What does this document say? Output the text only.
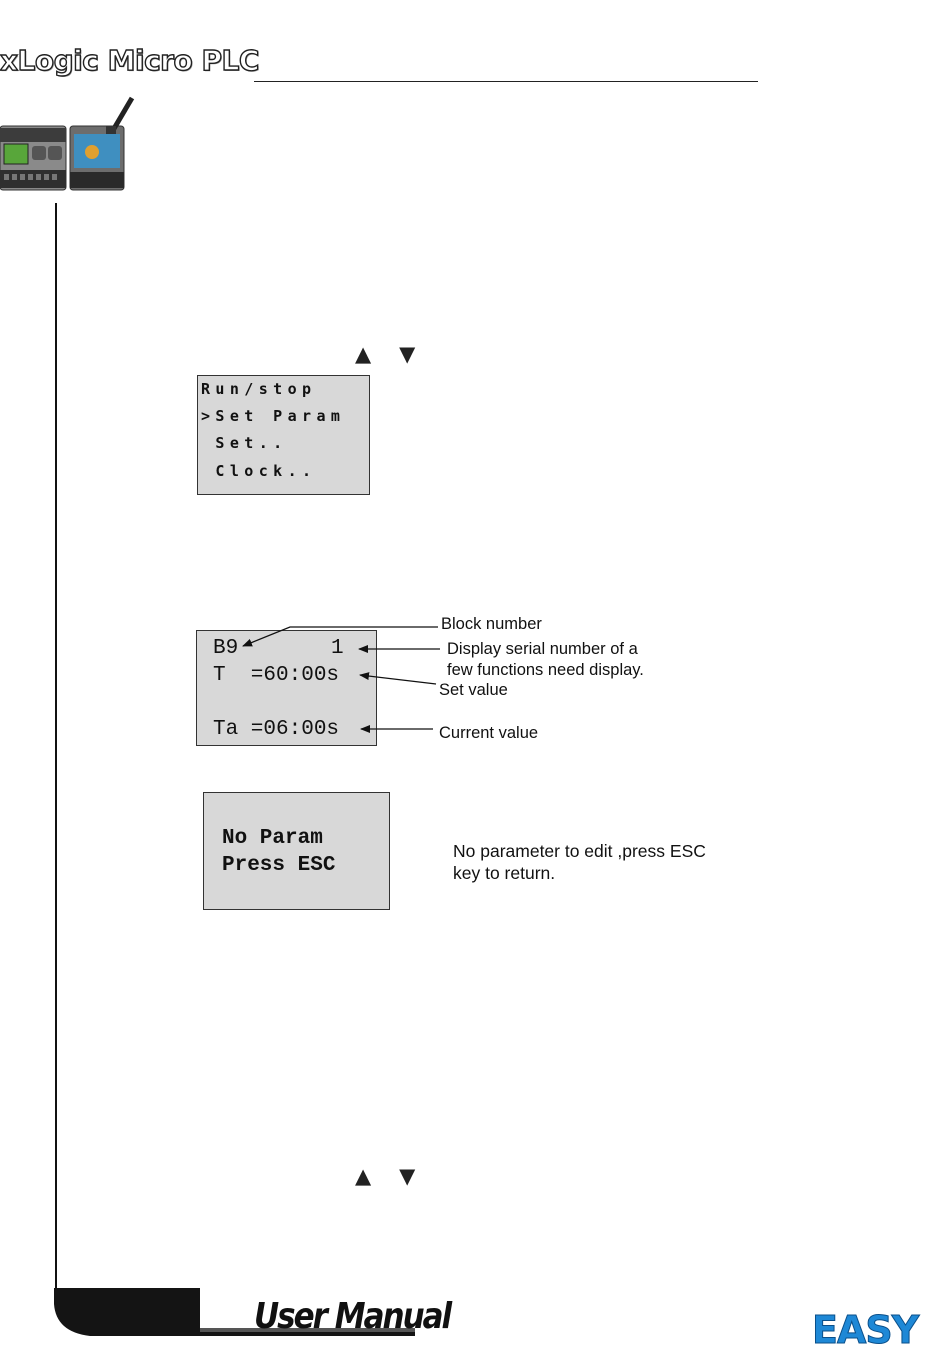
xLogic Micro PLC
▲ ▼
Run/stop
>Set Param
Set..
Clock..
B9	1
T  =60:00s
Ta =06:00s
Block number
Display serial number of a
few functions need display.
Set value
Current value
No Param
Press ESC
No parameter to edit ,press ESC
key to return.
▲ ▼
User Manual	EASY
